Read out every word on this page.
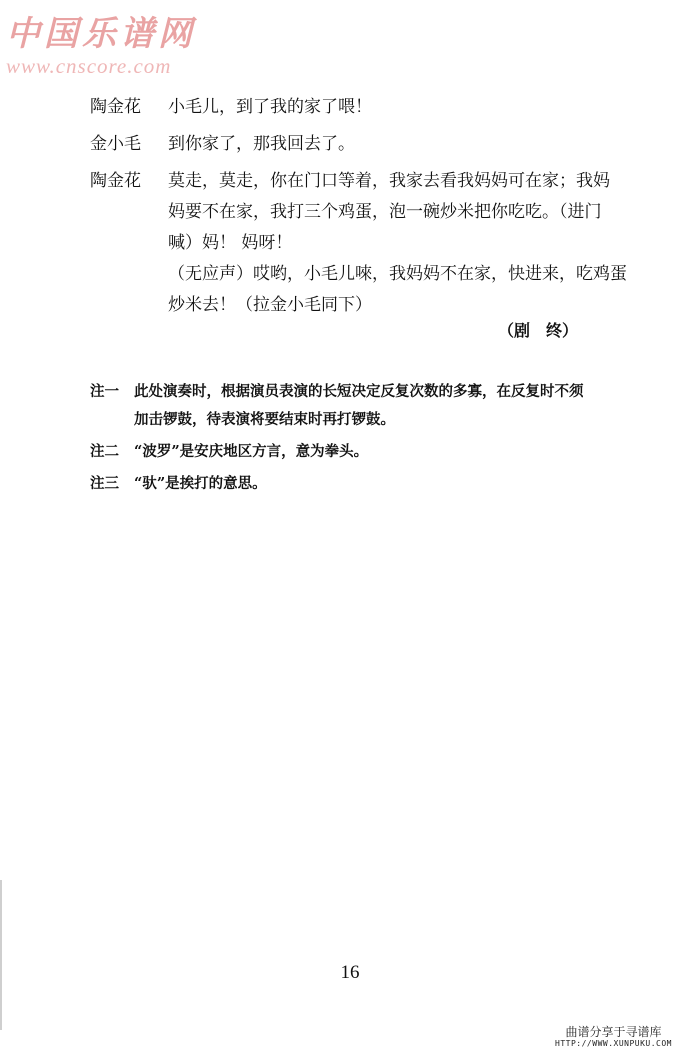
中国乐谱网
www.cnscore.com
陶金花	小毛儿，到了我的家了喂！

金小毛	到你家了，那我回去了。

陶金花	莫走，莫走，你在门口等着，我家去看我妈妈可在家；我妈

妈要不在家，我打三个鸡蛋，泡一碗炒米把你吃吃。（进门

喊）妈！ 妈呀！

（无应声）哎哟，小毛儿唻，我妈妈不在家，快进来，吃鸡蛋

炒米去！（拉金小毛同下）

（剧　终）
注一	此处演奏时，根据演员表演的长短决定反复次数的多寡，在反复时不须

加击锣鼓，待表演将要结束时再打锣鼓。

注二	“波罗”是安庆地区方言，意为拳头。

注三	“驮”是挨打的意思。

16
曲谱分享于寻谱库
HTTP://WWW.XUNPUKU.COM
